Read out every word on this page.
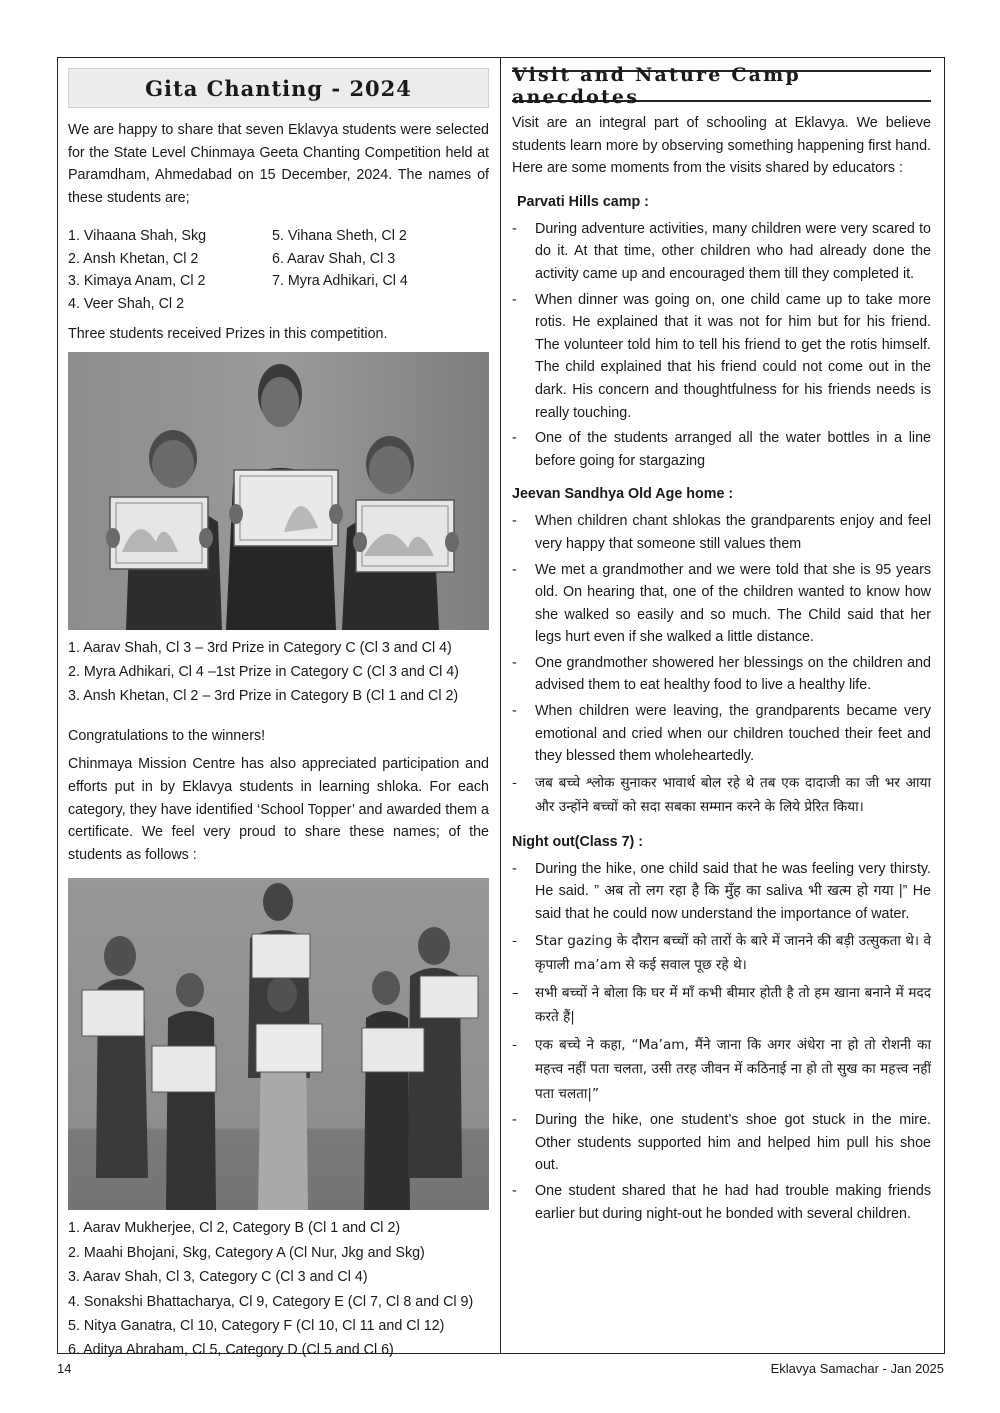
Gita Chanting - 2024

We are happy to share that seven Eklavya students were selected for the State Level Chinmaya Geeta Chanting Competition held at Paramdham, Ahmedabad on 15 December, 2024. The names of these students are;

1. Vihaana Shah, Skg
2. Ansh Khetan, Cl 2
3. Kimaya Anam, Cl 2
4. Veer Shah, Cl 2
5. Vihana Sheth, Cl 2
6. Aarav Shah, Cl 3
7. Myra Adhikari, Cl 4

Three students received Prizes in this competition.

1. Aarav Shah, Cl 3 – 3rd Prize in Category C (Cl 3 and Cl 4)
2. Myra Adhikari, Cl 4 –1st Prize in Category C (Cl 3 and Cl 4)
3. Ansh Khetan, Cl 2 – 3rd Prize in Category B (Cl 1 and Cl 2)

Congratulations to the winners!

Chinmaya Mission Centre has also appreciated participation and efforts put in by Eklavya students in learning shloka. For each category, they have identified ‘School Topper’ and awarded them a certificate. We feel very proud to share these names; of the students as follows :

1. Aarav Mukherjee, Cl 2, Category B (Cl 1 and Cl 2)
2. Maahi Bhojani, Skg, Category A (Cl Nur, Jkg and Skg)
3. Aarav Shah, Cl 3, Category C (Cl 3 and Cl 4)
4. Sonakshi Bhattacharya, Cl 9, Category E (Cl 7, Cl 8 and Cl 9)
5. Nitya Ganatra, Cl 10, Category F (Cl 10, Cl 11 and Cl 12)
6. Aditya Abraham, Cl 5, Category D (Cl 5 and Cl 6)
Visit and Nature Camp anecdotes

Visit are an integral part of schooling at Eklavya. We believe students learn more by observing something happening first hand. Here are some moments from the visits shared by educators :

Parvati Hills camp :
- During adventure activities, many children were very scared to do it. At that time, other children who had already done the activity came up and encouraged them till they completed it.
- When dinner was going on, one child came up to take more rotis. He explained that it was not for him but for his friend. The volunteer told him to tell his friend to get the rotis himself. The child explained that his friend could not come out in the dark. His concern and thoughtfulness for his friends needs is really touching.
- One of the students arranged all the water bottles in a line before going for stargazing
Jeevan Sandhya Old Age home :
- When children chant shlokas the grandparents enjoy and feel very happy that someone still values them
- We met a grandmother and we were told that she is 95 years old. On hearing that, one of the children wanted to know how she walked so easily and so much. The Child said that her legs hurt even if she walked a little distance.
- One grandmother showered her blessings on the children and advised them to eat healthy food to live a healthy life.
- When children were leaving, the grandparents became very emotional and cried when our children touched their feet and they blessed them wholeheartedly.
- जब बच्चे श्लोक सुनाकर भावार्थ बोल रहे थे तब एक दादाजी का जी भर आया और उन्होंने बच्चों को सदा सबका सम्मान करने के लिये प्रेरित किया।
Night out(Class 7) :
- During the hike, one child said that he was feeling very thirsty. He said. ” अब तो लग रहा है कि मुँह का saliva भी खत्म हो गया |” He said that he could now understand the importance of water.
- Star gazing के दौरान बच्चों को तारों के बारे में जानने की बड़ी उत्सुकता थे। वे कृपाली ma’am से कई सवाल पूछ रहे थे।
– सभी बच्चों ने बोला कि घर में माँ कभी बीमार होती है तो हम खाना बनाने में मदद करते हैं|
- एक बच्चे ने कहा, “Ma’am, मैंने जाना कि अगर अंधेरा ना हो तो रोशनी का महत्त्व नहीं पता चलता, उसी तरह जीवन में कठिनाई ना हो तो सुख का महत्त्व नहीं पता चलता|”
- During the hike, one student’s shoe got stuck in the mire. Other students supported him and helped him pull his shoe out.
- One student shared that he had had trouble making friends earlier but during night-out he bonded with several children.
14	Eklavya Samachar - Jan 2025
